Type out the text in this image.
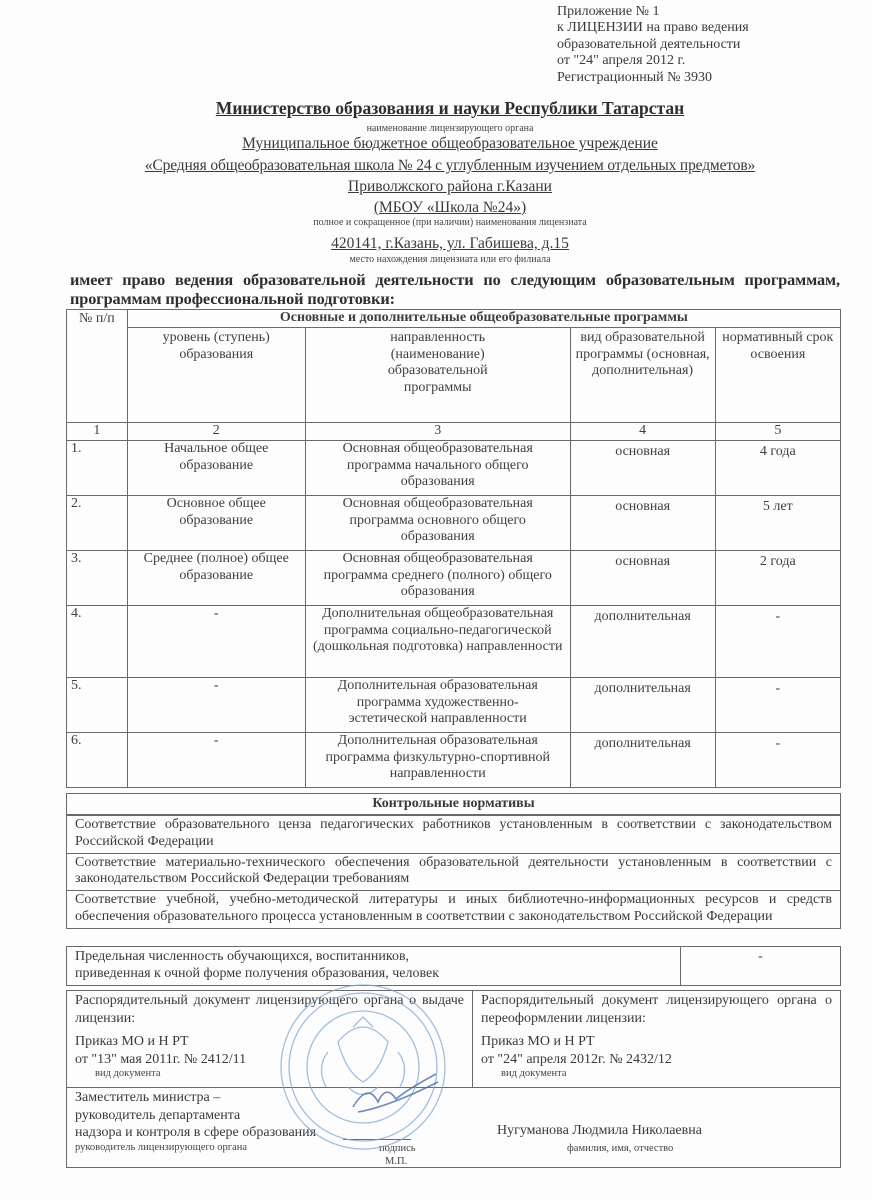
Приложение № 1
к ЛИЦЕНЗИИ на право ведения
образовательной деятельности
от "24" апреля 2012 г.
Регистрационный № 3930
Министерство образования и науки Республики Татарстан
наименование лицензирующего органа
Муниципальное бюджетное общеобразовательное учреждение
«Средняя общеобразовательная школа № 24 с углубленным изучением отдельных предметов»
Приволжского района г.Казани
(МБОУ «Школа №24»)
полное и сокращенное (при наличии) наименования лицензиата
420141, г.Казань, ул. Габишева, д.15
место нахождения лицензиата или его филиала
имеет право ведения образовательной деятельности по следующим образовательным программам, программам профессиональной подготовки:
№ п/п	Основные и дополнительные общеобразовательные программы			
	уровень (ступень) образования	направленность (наименование) образовательной программы	вид образовательной программы (основная, дополнительная)	нормативный срок освоения
1	2	3	4	5
1.	Начальное общее образование	Основная общеобразовательная программа начального общего образования	основная	4 года
2.	Основное общее образование	Основная общеобразовательная программа основного общего образования	основная	5 лет
3.	Среднее (полное) общее образование	Основная общеобразовательная программа среднего (полного) общего образования	основная	2 года
4.	-	Дополнительная общеобразовательная программа социально-педагогической (дошкольная подготовка) направленности	дополнительная	-
5.	-	Дополнительная образовательная программа художественно-эстетической направленности	дополнительная	-
6.	-	Дополнительная образовательная программа физкультурно-спортивной направленности	дополнительная	-
Контрольные нормативы
Соответствие образовательного ценза педагогических работников установленным в соответствии с законодательством Российской Федерации
Соответствие материально-технического обеспечения образовательной деятельности установленным в соответствии с законодательством Российской Федерации требованиям
Соответствие учебной, учебно-методической литературы и иных библиотечно-информационных ресурсов и средств обеспечения образовательного процесса установленным в соответствии с законодательством Российской Федерации
Предельная численность обучающихся, воспитанников,
приведенная к очной форме получения образования, человек
-
Распорядительный документ лицензирующего органа о выдаче лицензии:
Приказ МО и Н РТ
от "13" мая 2011г. № 2412/11
вид документа
Распорядительный документ лицензирующего органа о переоформлении лицензии:
Приказ МО и Н РТ
от "24" апреля 2012г. № 2432/12
вид документа
Заместитель министра –
руководитель департамента
надзора и контроля в сфере образования
руководитель лицензирующего органа	подпись
М.П.
Нугуманова Людмила Николаевна
фамилия, имя, отчество
